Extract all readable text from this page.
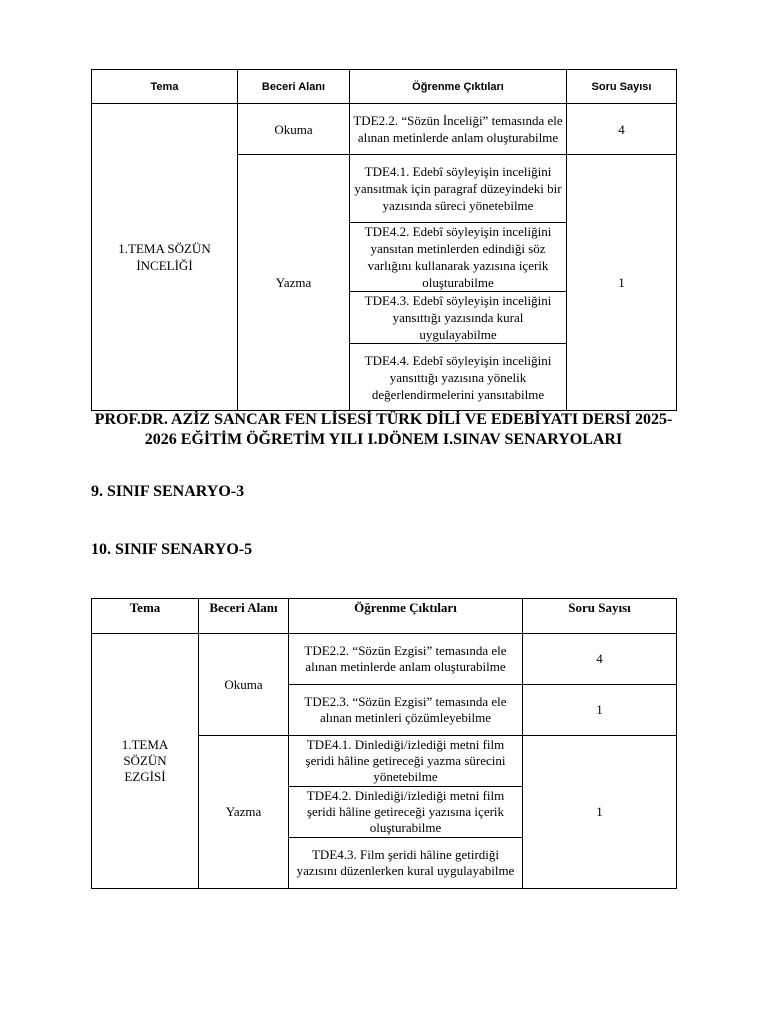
Tema	Beceri Alanı	Öğrenme Çıktıları	Soru Sayısı
1.TEMA SÖZÜN İNCELİĞİ	Okuma	TDE2.2. “Sözün İnceliği” temasında ele alınan metinlerde anlam oluşturabilme	4
	Yazma	TDE4.1. Edebî söyleyişin inceliğini yansıtmak için paragraf düzeyindeki bir yazısında süreci yönetebilme	1
		TDE4.2. Edebî söyleyişin inceliğini yansıtan metinlerden edindiği söz varlığını kullanarak yazısına içerik oluşturabilme	
		TDE4.3. Edebî söyleyişin inceliğini yansıttığı yazısında kural uygulayabilme	
		TDE4.4. Edebî söyleyişin inceliğini yansıttığı yazısına yönelik değerlendirmelerini yansıtabilme	
PROF.DR. AZİZ SANCAR FEN LİSESİ TÜRK DİLİ VE EDEBİYATI DERSİ 2025-2026 EĞİTİM ÖĞRETİM YILI I.DÖNEM I.SINAV SENARYOLARI
9. SINIF SENARYO-3
10. SINIF SENARYO-5
Tema	Beceri Alanı	Öğrenme Çıktıları	Soru Sayısı
1.TEMA SÖZÜN EZGİSİ	Okuma	TDE2.2. “Sözün Ezgisi” temasında ele alınan metinlerde anlam oluşturabilme	4
		TDE2.3. “Sözün Ezgisi” temasında ele alınan metinleri çözümleyebilme	1
	Yazma	TDE4.1. Dinlediği/izlediği metni film şeridi hâline getireceği yazma sürecini yönetebilme	1
		TDE4.2. Dinlediği/izlediği metni film şeridi hâline getireceği yazısına içerik oluşturabilme	
		TDE4.3. Film şeridi hâline getirdiği yazısını düzenlerken kural uygulayabilme	
